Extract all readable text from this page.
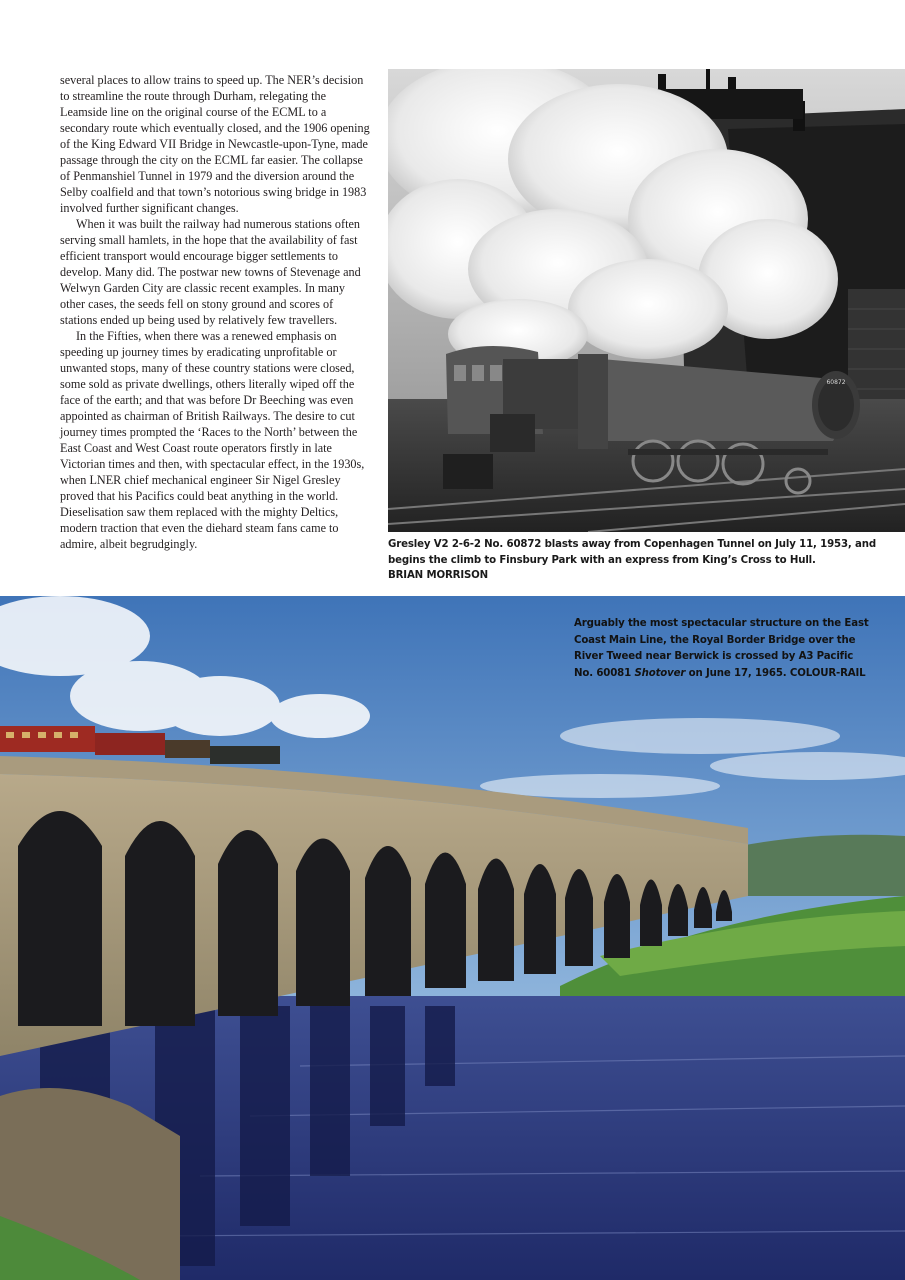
several places to allow trains to speed up. The NER’s decision to streamline the route through Durham, relegating the Leamside line on the original course of the ECML to a secondary route which eventually closed, and the 1906 opening of the King Edward VII Bridge in Newcastle-upon-Tyne, made passage through the city on the ECML far easier. The collapse of Penmanshiel Tunnel in 1979 and the diversion around the Selby coalfield and that town’s notorious swing bridge in 1983 involved further significant changes.

When it was built the railway had numerous stations often serving small hamlets, in the hope that the availability of fast efficient transport would encourage bigger settlements to develop. Many did. The postwar new towns of Stevenage and Welwyn Garden City are classic recent examples. In many other cases, the seeds fell on stony ground and scores of stations ended up being used by relatively few travellers.

In the Fifties, when there was a renewed emphasis on speeding up journey times by eradicating unprofitable or unwanted stops, many of these country stations were closed, some sold as private dwellings, others literally wiped off the face of the earth; and that was before Dr Beeching was even appointed as chairman of British Railways. The desire to cut journey times prompted the ‘Races to the North’ between the East Coast and West Coast route operators firstly in late Victorian times and then, with spectacular effect, in the 1930s, when LNER chief mechanical engineer Sir Nigel Gresley proved that his Pacifics could beat anything in the world. Dieselisation saw them replaced with the mighty Deltics, modern traction that even the diehard steam fans came to admire, albeit begrudgingly.

60872
Gresley V2 2-6-2 No. 60872 blasts away from Copenhagen Tunnel on July 11, 1953, and begins the climb to Finsbury Park with an express from King’s Cross to Hull.
BRIAN MORRISON
Arguably the most spectacular structure on the East Coast Main Line, the Royal Border Bridge over the River Tweed near Berwick is crossed by A3 Pacific No. 60081 Shotover on June 17, 1965. COLOUR-RAIL
